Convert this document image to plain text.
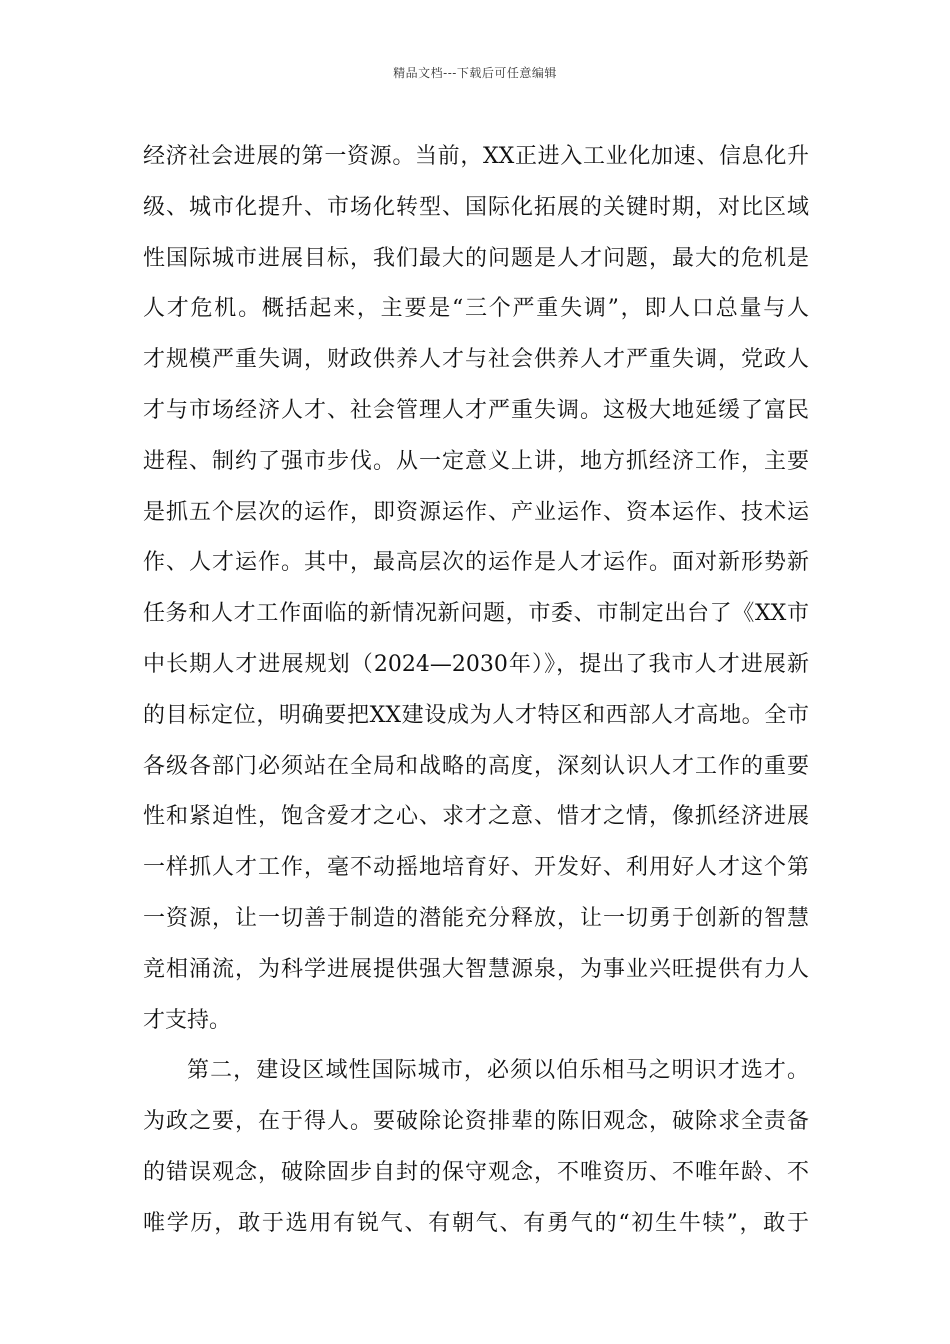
精品文档---下载后可任意编辑
经济社会进展的第一资源。当前，XX正进入工业化加速、信息化升
级、城市化提升、市场化转型、国际化拓展的关键时期，对比区域
性国际城市进展目标，我们最大的问题是人才问题，最大的危机是
人才危机。概括起来，主要是“三个严重失调”，即人口总量与人
才规模严重失调，财政供养人才与社会供养人才严重失调，党政人
才与市场经济人才、社会管理人才严重失调。这极大地延缓了富民
进程、制约了强市步伐。从一定意义上讲，地方抓经济工作，主要
是抓五个层次的运作，即资源运作、产业运作、资本运作、技术运
作、人才运作。其中，最高层次的运作是人才运作。面对新形势新
任务和人才工作面临的新情况新问题，市委、市制定出台了《XX市
中长期人才进展规划（2024—2030年）》，提出了我市人才进展新
的目标定位，明确要把XX建设成为人才特区和西部人才高地。全市
各级各部门必须站在全局和战略的高度，深刻认识人才工作的重要
性和紧迫性，饱含爱才之心、求才之意、惜才之情，像抓经济进展
一样抓人才工作，毫不动摇地培育好、开发好、利用好人才这个第
一资源，让一切善于制造的潜能充分释放，让一切勇于创新的智慧
竞相涌流，为科学进展提供强大智慧源泉，为事业兴旺提供有力人
才支持。
第二，建设区域性国际城市，必须以伯乐相马之明识才选才。
为政之要，在于得人。要破除论资排辈的陈旧观念，破除求全责备
的错误观念，破除固步自封的保守观念，不唯资历、不唯年龄、不
唯学历，敢于选用有锐气、有朝气、有勇气的“初生牛犊”，敢于
